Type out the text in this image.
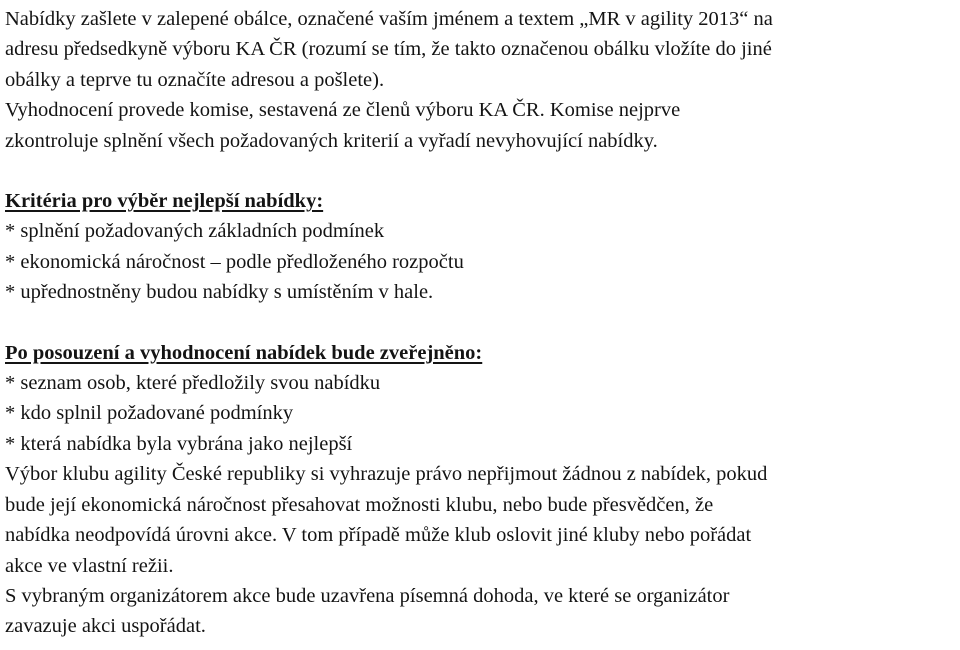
Nabídky zašlete v zalepené obálce, označené vaším jménem a textem „MR v agility 2013“ na
adresu předsedkyně výboru KA ČR (rozumí se tím, že takto označenou obálku vložíte do jiné
obálky a teprve tu označíte adresou a pošlete).
Vyhodnocení provede komise, sestavená ze členů výboru KA ČR. Komise nejprve
zkontroluje splnění všech požadovaných kriterií a vyřadí nevyhovující nabídky.
Kritéria pro výběr nejlepší nabídky:
* splnění požadovaných základních podmínek
* ekonomická náročnost – podle předloženého rozpočtu
* upřednostněny budou nabídky s umístěním v hale.
Po posouzení a vyhodnocení nabídek bude zveřejněno:
* seznam osob, které předložily svou nabídku
* kdo splnil požadované podmínky
* která nabídka byla vybrána jako nejlepší
Výbor klubu agility České republiky si vyhrazuje právo nepřijmout žádnou z nabídek, pokud
bude její ekonomická náročnost přesahovat možnosti klubu, nebo bude přesvědčen, že
nabídka neodpovídá úrovni akce. V tom případě může klub oslovit jiné kluby nebo pořádat
akce ve vlastní režii.
S vybraným organizátorem akce bude uzavřena písemná dohoda, ve které se organizátor
zavazuje akci uspořádat.
